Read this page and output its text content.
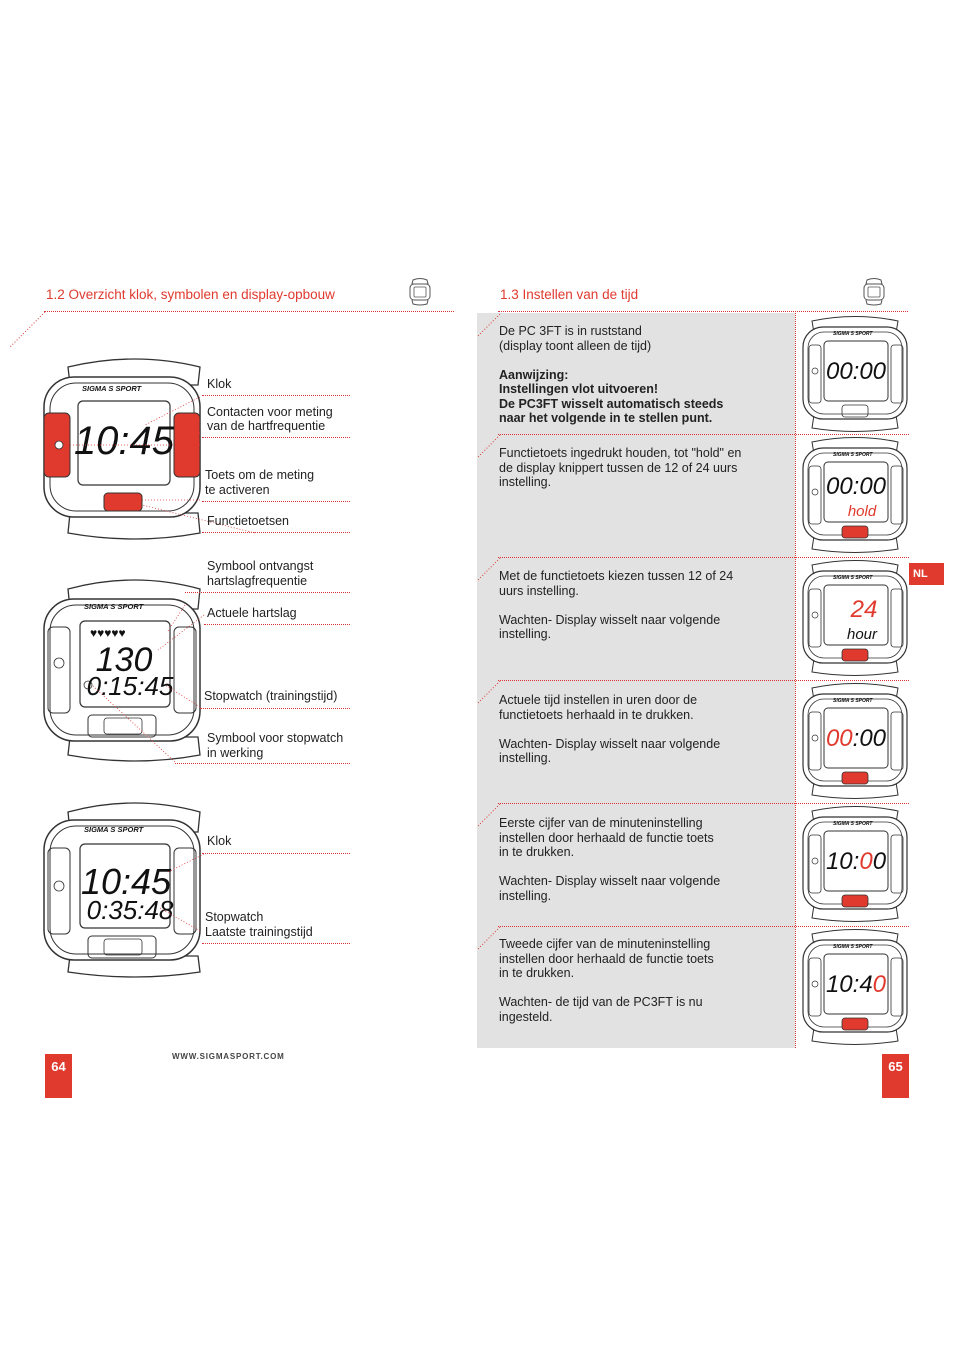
1.2 Overzicht klok, symbolen en display-opbouw
SIGMA S SPORT
10:45
Klok
Contacten voor meting
van de hartfrequentie
Toets om de meting
te activeren
Functietoetsen
SIGMA S SPORT
♥♥♥♥♥
130
0:15:45
Symbool ontvangst
hartslagfrequentie
Actuele hartslag
Stopwatch (trainingstijd)
Symbool voor stopwatch
in werking
SIGMA S SPORT
10:45
0:35:48
Klok
Stopwatch
Laatste trainingstijd
64
WWW.SIGMASPORT.COM
1.3 Instellen van de tijd

De PC 3FT is in ruststand
(display toont alleen de tijd)

Aanwijzing:
Instellingen vlot uitvoeren!
De PC3FT wisselt automatisch steeds
naar het volgende in te stellen punt.

Functietoets ingedrukt houden, tot "hold" en
de display knippert tussen de 12 of 24 uurs
instelling.

Met de functietoets kiezen tussen 12 of 24
uurs instelling.

Wachten- Display wisselt naar volgende
instelling.

Actuele tijd instellen in uren door de
functietoets herhaald in te drukken.

Wachten- Display wisselt naar volgende
instelling.

Eerste cijfer van de minuteninstelling
instellen door herhaald de functie toets
in te drukken.

Wachten- Display wisselt naar volgende
instelling.

Tweede cijfer van de minuteninstelling
instellen door herhaald de functie toets
in te drukken.

Wachten- de tijd van de PC3FT is nu
ingesteld.

SIGMA S SPORT
00:00
SIGMA S SPORT
00:00
hold
SIGMA S SPORT
24
hour
SIGMA S SPORT
00:00
SIGMA S SPORT
10:00
SIGMA S SPORT
10:40
NL
65
